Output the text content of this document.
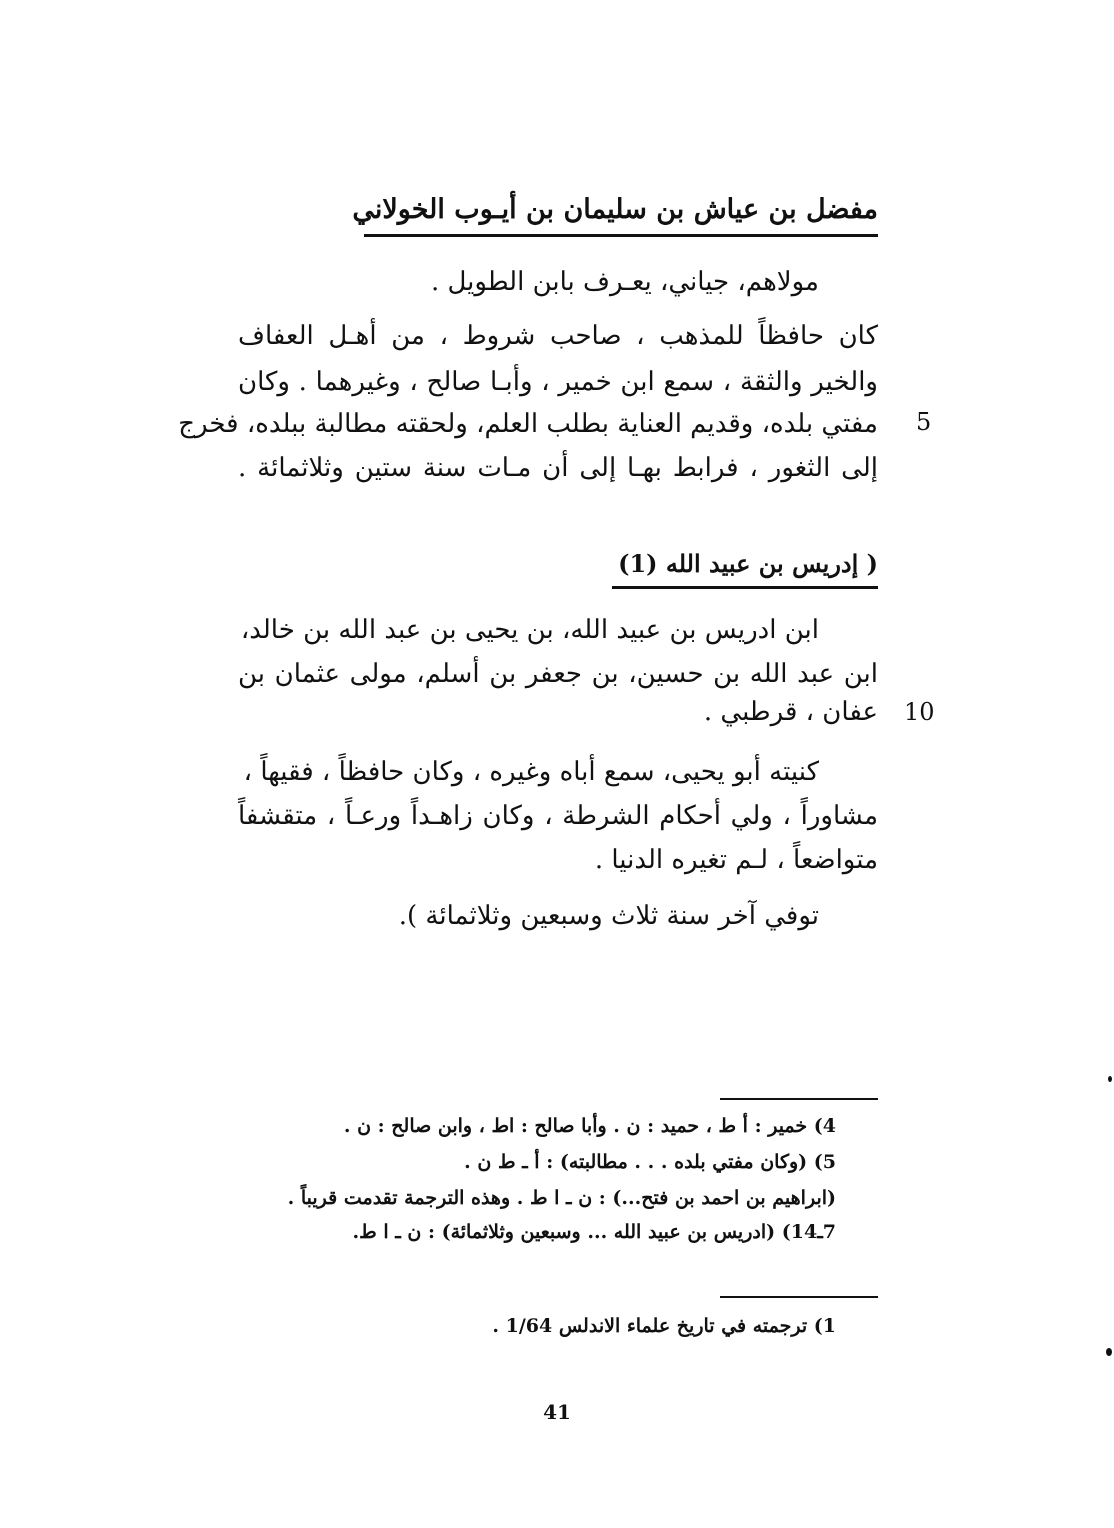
مفضل بن عياش بن سليمان بن أيـوب الخولاني
مولاهم، جياني، يعـرف بابن الطويل .
كان حافظاً للمذهب ، صاحب شروط ، من أهـل العفاف
والخير والثقة ، سمع ابن خمير ، وأبـا صالح ، وغيرهما . وكان
مفتي بلده، وقديم العناية بطلب العلم، ولحقته مطالبة ببلده، فخرج 5
إلى الثغور ، فرابط بهـا إلى أن مـات سنة ستين وثلاثمائة .
( إدريس بن عبيد الله (1)
ابن ادريس بن عبيد الله، بن يحيى بن عبد الله بن خالد،
ابن عبد الله بن حسين، بن جعفر بن أسلم، مولى عثمان بن
عفان ، قرطبي . 10
كنيته أبو يحيى، سمع أباه وغيره ، وكان حافظاً ، فقيهاً ،
مشاوراً ، ولي أحكام الشرطة ، وكان زاهـداً ورعـاً ، متقشفاً
متواضعاً ، لـم تغيره الدنيا .
توفي آخر سنة ثلاث وسبعين وثلاثمائة ).
4) خمير : أ ط ، حميد : ن . وأبا صالح : اط ، وابن صالح : ن .
5) (وكان مفتي بلده . . . مطالبته) : أ ـ ط ن .
(ابراهيم بن احمد بن فتح...) : ن ـ ا ط . وهذه الترجمة تقدمت قريباً .
7ـ14) (ادريس بن عبيد الله ... وسبعين وثلاثمائة) : ن ـ ا ط.
1) ترجمته في تاريخ علماء الاندلس 1/64 .
41
